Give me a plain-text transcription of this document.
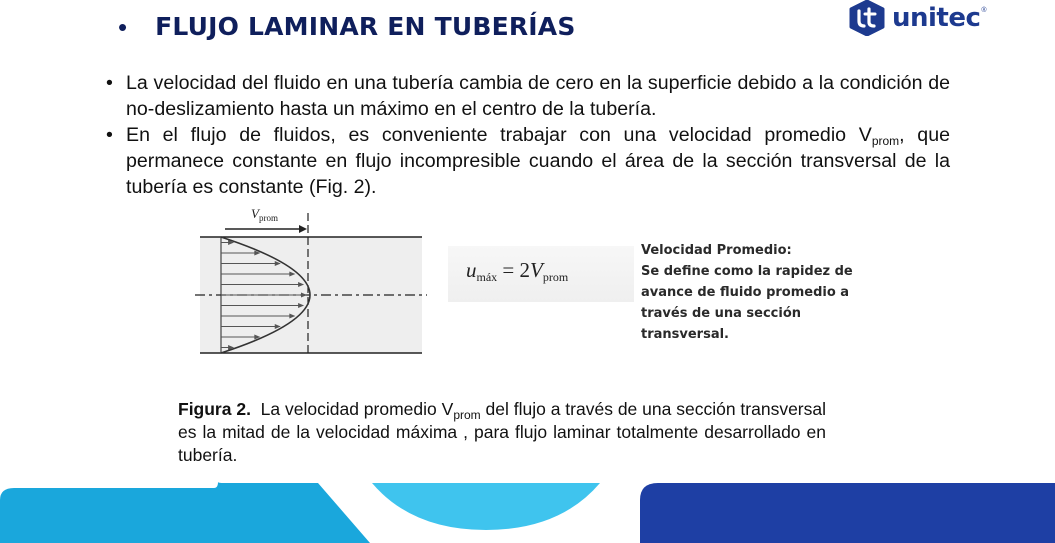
• FLUJO LAMINAR EN TUBERÍAS	unitec ®
• La velocidad del fluido en una tubería cambia de cero en la superficie debido a la condición de no-deslizamiento hasta un máximo en el centro de la tubería.
• En el flujo de fluidos, es conveniente trabajar con una velocidad promedio $V_{prom}$, que permanece constante en flujo incompresible cuando el área de la sección transversal de la tubería es constante (Fig. 2).
$V_{prom}$
$u_{máx} = 2V_{prom}$
Velocidad Promedio:
Se define como la rapidez de avance de fluido promedio a través de una sección transversal.
Figura 2.  La velocidad promedio $V_{prom}$ del flujo a través de una sección transversal es la mitad de la velocidad máxima , para flujo laminar totalmente desarrollado en tubería.
